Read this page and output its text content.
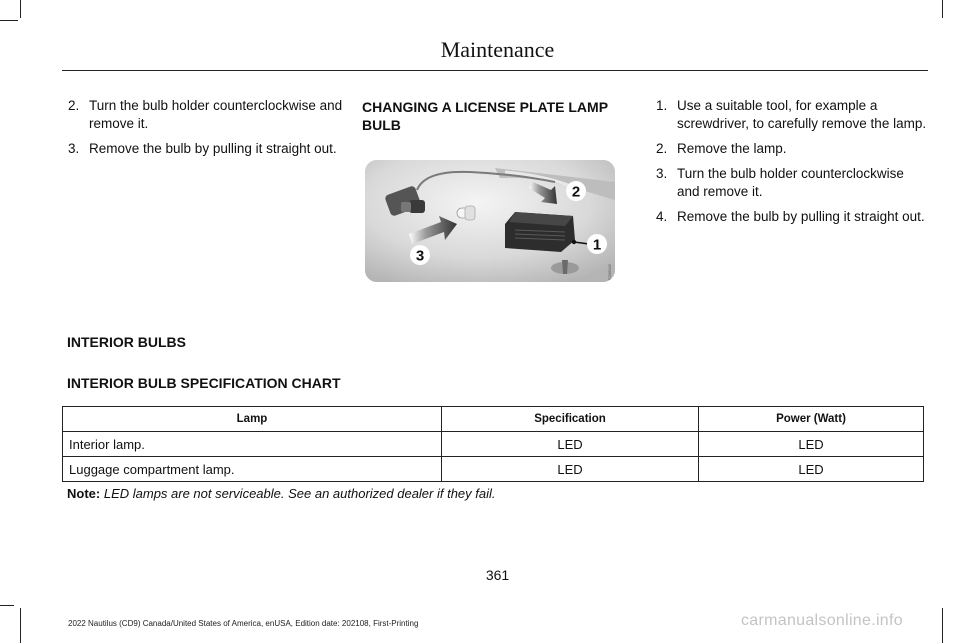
Maintenance
2. Turn the bulb holder counterclockwise and remove it.
3. Remove the bulb by pulling it straight out.
CHANGING A LICENSE PLATE LAMP BULB
1
2
3
E306942
1. Use a suitable tool, for example a screwdriver, to carefully remove the lamp.
2. Remove the lamp.
3. Turn the bulb holder counterclockwise and remove it.
4. Remove the bulb by pulling it straight out.
INTERIOR BULBS
INTERIOR BULB SPECIFICATION CHART
Lamp	Specification	Power (Watt)
Interior lamp.	LED	LED
Luggage compartment lamp.	LED	LED

Note: LED lamps are not serviceable. See an authorized dealer if they fail.

361
2022 Nautilus (CD9) Canada/United States of America, enUSA, Edition date: 202108, First-Printing	carmanualsonline.info
